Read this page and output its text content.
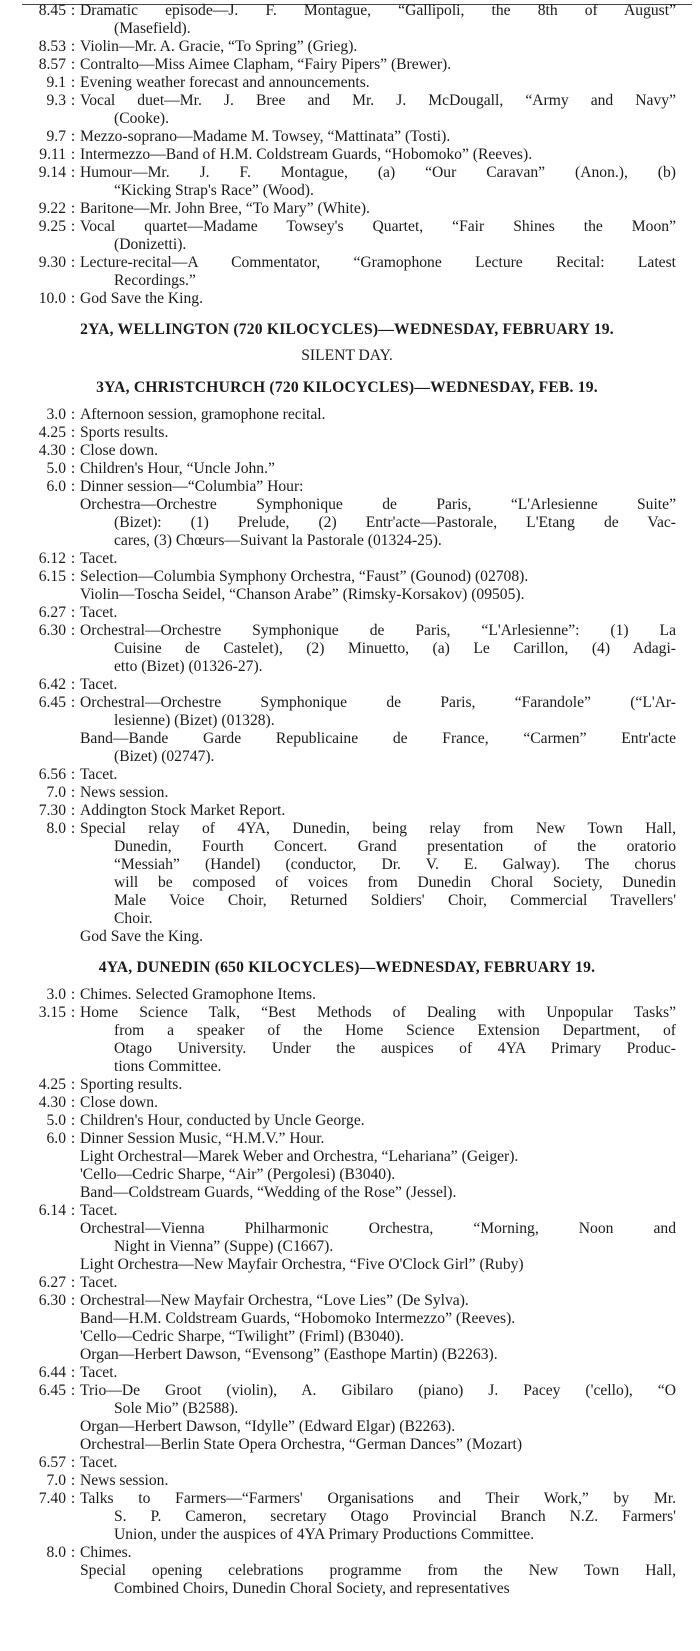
8.45 : Dramatic episode—J. F. Montague, “Gallipoli, the 8th of August”
(Masefield).
8.53 : Violin—Mr. A. Gracie, “To Spring” (Grieg).
8.57 : Contralto—Miss Aimee Clapham, “Fairy Pipers” (Brewer).
9.1 : Evening weather forecast and announcements.
9.3 : Vocal duet—Mr. J. Bree and Mr. J. McDougall, “Army and Navy”
(Cooke).
9.7 : Mezzo-soprano—Madame M. Towsey, “Mattinata” (Tosti).
9.11 : Intermezzo—Band of H.M. Coldstream Guards, “Hobomoko” (Reeves).
9.14 : Humour—Mr. J. F. Montague, (a) “Our Caravan” (Anon.), (b)
“Kicking Strap's Race” (Wood).
9.22 : Baritone—Mr. John Bree, “To Mary” (White).
9.25 : Vocal quartet—Madame Towsey's Quartet, “Fair Shines the Moon”
(Donizetti).
9.30 : Lecture-recital—A Commentator, “Gramophone Lecture Recital: Latest
Recordings.”
10.0 : God Save the King.
2YA, WELLINGTON (720 KILOCYCLES)—WEDNESDAY, FEBRUARY 19.
SILENT DAY.
3YA, CHRISTCHURCH (720 KILOCYCLES)—WEDNESDAY, FEB. 19.
3.0 : Afternoon session, gramophone recital.
4.25 : Sports results.
4.30 : Close down.
5.0 : Children's Hour, “Uncle John.”
6.0 : Dinner session—“Columbia” Hour:
Orchestra—Orchestre Symphonique de Paris, “L'Arlesienne Suite”
(Bizet): (1) Prelude, (2) Entr'acte—Pastorale, L'Etang de Vac-
cares, (3) Chœurs—Suivant la Pastorale (01324-25).
6.12 : Tacet.
6.15 : Selection—Columbia Symphony Orchestra, “Faust” (Gounod) (02708).
Violin—Toscha Seidel, “Chanson Arabe” (Rimsky-Korsakov) (09505).
6.27 : Tacet.
6.30 : Orchestral—Orchestre Symphonique de Paris, “L'Arlesienne”: (1) La
Cuisine de Castelet), (2) Minuetto, (a) Le Carillon, (4) Adagi-
etto (Bizet) (01326-27).
6.42 : Tacet.
6.45 : Orchestral—Orchestre Symphonique de Paris, “Farandole” (“L'Ar-
lesienne) (Bizet) (01328).
Band—Bande Garde Republicaine de France, “Carmen” Entr'acte
(Bizet) (02747).
6.56 : Tacet.
7.0 : News session.
7.30 : Addington Stock Market Report.
8.0 : Special relay of 4YA, Dunedin, being relay from New Town Hall,
Dunedin, Fourth Concert. Grand presentation of the oratorio
“Messiah” (Handel) (conductor, Dr. V. E. Galway). The chorus
will be composed of voices from Dunedin Choral Society, Dunedin
Male Voice Choir, Returned Soldiers' Choir, Commercial Travellers'
Choir.
God Save the King.
4YA, DUNEDIN (650 KILOCYCLES)—WEDNESDAY, FEBRUARY 19.
3.0 : Chimes. Selected Gramophone Items.
3.15 : Home Science Talk, “Best Methods of Dealing with Unpopular Tasks”
from a speaker of the Home Science Extension Department, of
Otago University. Under the auspices of 4YA Primary Produc-
tions Committee.
4.25 : Sporting results.
4.30 : Close down.
5.0 : Children's Hour, conducted by Uncle George.
6.0 : Dinner Session Music, “H.M.V.” Hour.
Light Orchestral—Marek Weber and Orchestra, “Lehariana” (Geiger).
'Cello—Cedric Sharpe, “Air” (Pergolesi) (B3040).
Band—Coldstream Guards, “Wedding of the Rose” (Jessel).
6.14 : Tacet.
Orchestral—Vienna Philharmonic Orchestra, “Morning, Noon and
Night in Vienna” (Suppe) (C1667).
Light Orchestra—New Mayfair Orchestra, “Five O'Clock Girl” (Ruby)
6.27 : Tacet.
6.30 : Orchestral—New Mayfair Orchestra, “Love Lies” (De Sylva).
Band—H.M. Coldstream Guards, “Hobomoko Intermezzo” (Reeves).
'Cello—Cedric Sharpe, “Twilight” (Friml) (B3040).
Organ—Herbert Dawson, “Evensong” (Easthope Martin) (B2263).
6.44 : Tacet.
6.45 : Trio—De Groot (violin), A. Gibilaro (piano) J. Pacey ('cello), “O
Sole Mio” (B2588).
Organ—Herbert Dawson, “Idylle” (Edward Elgar) (B2263).
Orchestral—Berlin State Opera Orchestra, “German Dances” (Mozart)
6.57 : Tacet.
7.0 : News session.
7.40 : Talks to Farmers—“Farmers' Organisations and Their Work,” by Mr.
S. P. Cameron, secretary Otago Provincial Branch N.Z. Farmers'
Union, under the auspices of 4YA Primary Productions Committee.
8.0 : Chimes.
Special opening celebrations programme from the New Town Hall,
Combined Choirs, Dunedin Choral Society, and representatives
